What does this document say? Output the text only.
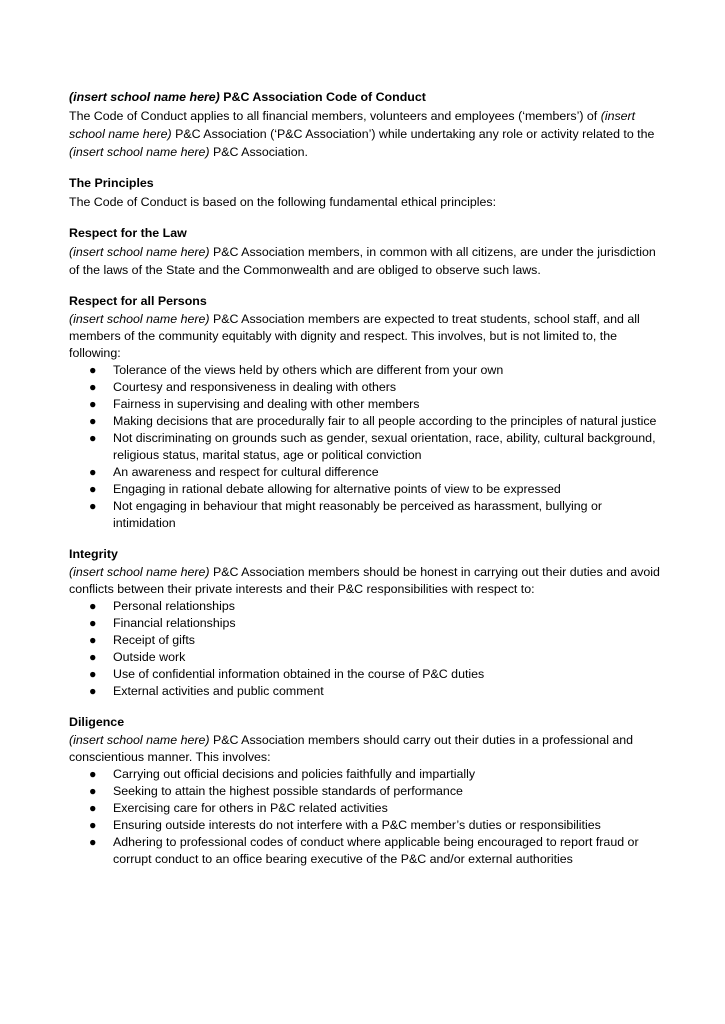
(insert school name here) P&C Association Code of Conduct

The Code of Conduct applies to all financial members, volunteers and employees (‘members’) of (insert school name here) P&C Association (‘P&C Association’) while undertaking any role or activity related to the (insert school name here) P&C Association.

The Principles

The Code of Conduct is based on the following fundamental ethical principles:

Respect for the Law

(insert school name here) P&C Association members, in common with all citizens, are under the jurisdiction of the laws of the State and the Commonwealth and are obliged to observe such laws.

Respect for all Persons

(insert school name here) P&C Association members are expected to treat students, school staff, and all members of the community equitably with dignity and respect. This involves, but is not limited to, the following:

● Tolerance of the views held by others which are different from your own
● Courtesy and responsiveness in dealing with others
● Fairness in supervising and dealing with other members
● Making decisions that are procedurally fair to all people according to the principles of natural justice
● Not discriminating on grounds such as gender, sexual orientation, race, ability, cultural background, religious status, marital status, age or political conviction
● An awareness and respect for cultural difference
● Engaging in rational debate allowing for alternative points of view to be expressed
● Not engaging in behaviour that might reasonably be perceived as harassment, bullying or intimidation

Integrity

(insert school name here) P&C Association members should be honest in carrying out their duties and avoid conflicts between their private interests and their P&C responsibilities with respect to:

● Personal relationships
● Financial relationships
● Receipt of gifts
● Outside work
● Use of confidential information obtained in the course of P&C duties
● External activities and public comment

Diligence

(insert school name here) P&C Association members should carry out their duties in a professional and conscientious manner. This involves:

● Carrying out official decisions and policies faithfully and impartially
● Seeking to attain the highest possible standards of performance
● Exercising care for others in P&C related activities
● Ensuring outside interests do not interfere with a P&C member’s duties or responsibilities
● Adhering to professional codes of conduct where applicable being encouraged to report fraud or corrupt conduct to an office bearing executive of the P&C and/or external authorities
